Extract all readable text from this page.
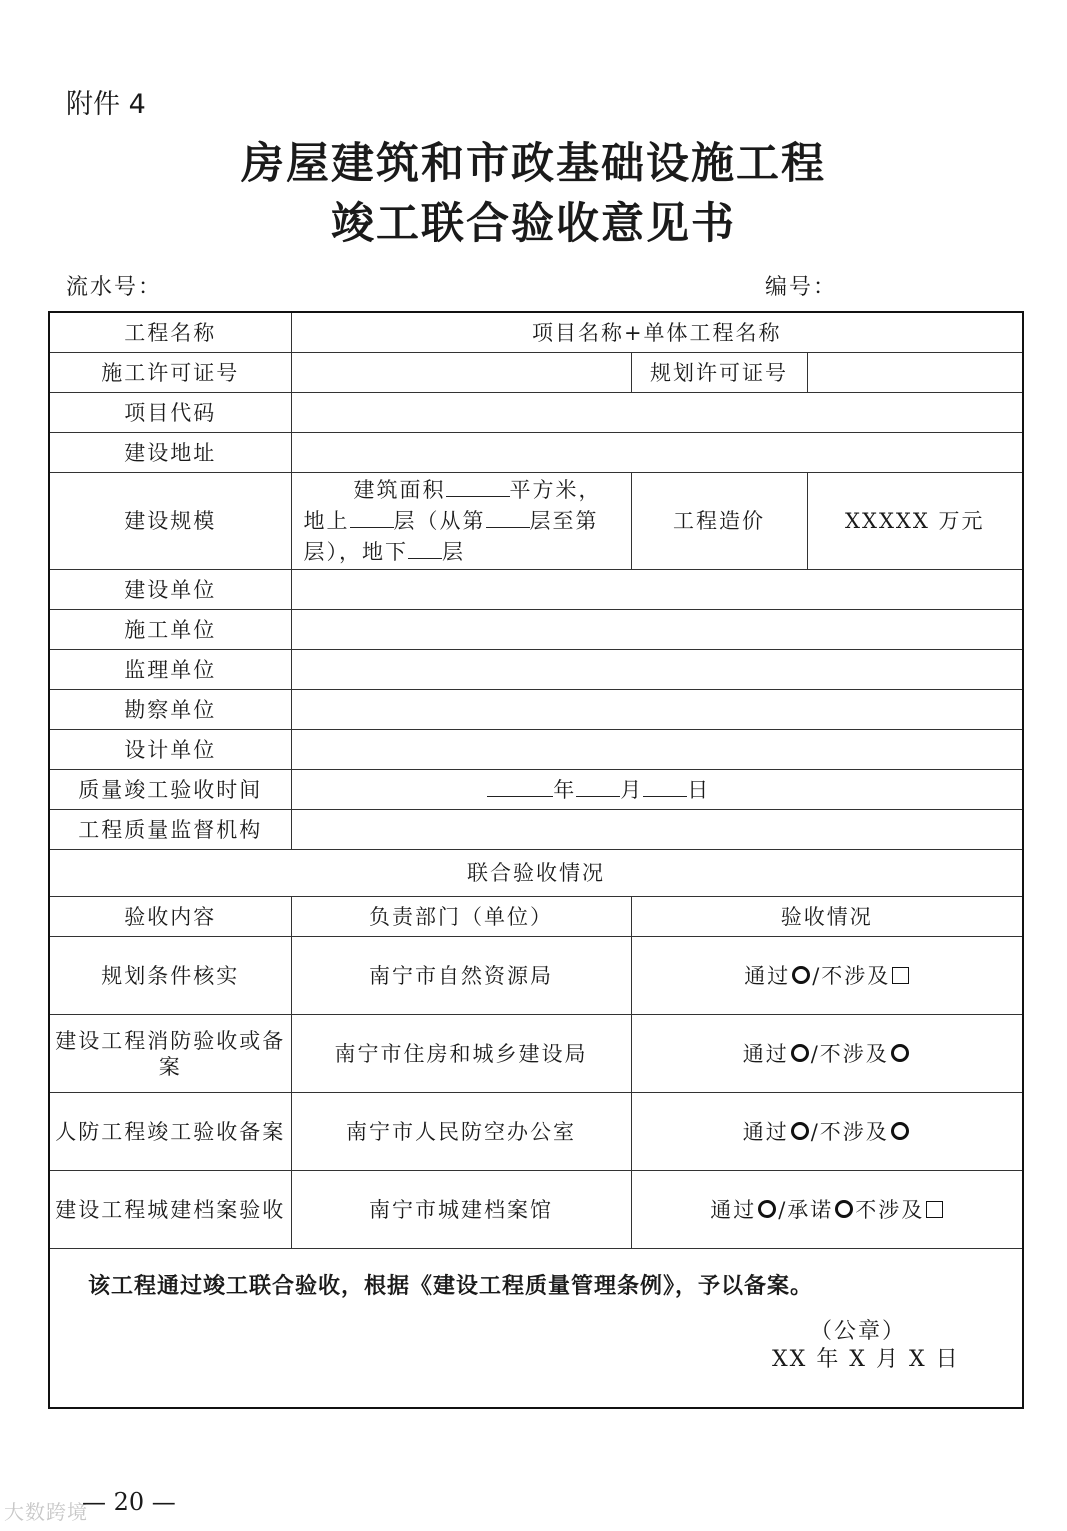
附件 4
房屋建筑和市政基础设施工程
竣工联合验收意见书
流水号：	编号：
工程名称	项目名称+单体工程名称		
施工许可证号		规划许可证号	
项目代码			
建设地址			
建设规模	建筑面积 平方米，
地上 层（从第 层至第
层），地下 层	工程造价	XXXXX 万元
建设单位			
施工单位			
监理单位			
勘察单位			
设计单位			
质量竣工验收时间	年 月 日		
工程质量监督机构			
联合验收情况			
验收内容	负责部门（单位）	验收情况	
规划条件核实	南宁市自然资源局	通过 /不涉及	
建设工程消防验收或备案	南宁市住房和城乡建设局	通过 /不涉及	
人防工程竣工验收备案	南宁市人民防空办公室	通过 /不涉及	
建设工程城建档案验收	南宁市城建档案馆	通过 /承诺 不涉及	

该工程通过竣工联合验收，根据《建设工程质量管理条例》，予以备案。
（公章）
XX 年 X 月 X 日			
大数跨境
— 20 —
